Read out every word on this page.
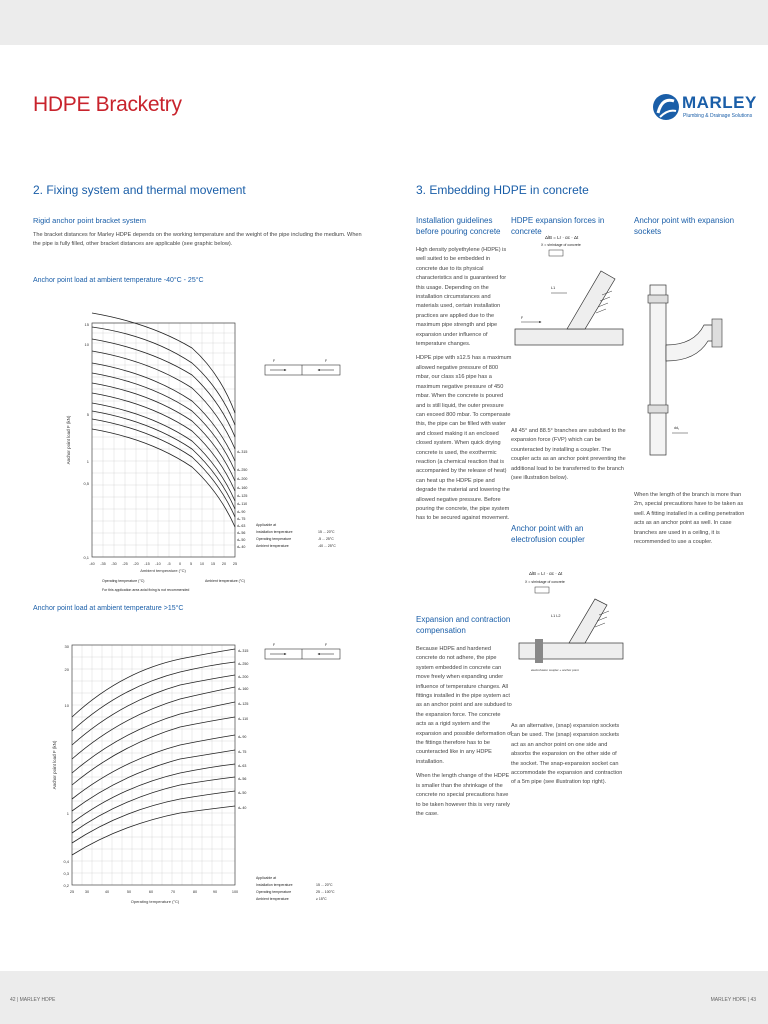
HDPE Bracketry	MARLEY
Plumbing & Drainage Solutions
2. Fixing system and thermal movement
Rigid anchor point bracket system
The bracket distances for Marley HDPE depends on the working temperature and the weight of the pipe including the medium. When the pipe is fully filled, other bracket distances are applicable (see graphic below).
Anchor point load at ambient temperature -40°C - 25°C
15
10
5
1
0,5
0,1
-40 -35 -30 -25 -20 -15 -10 -5 0 5 10 15 20 25
Ambient temperature (°C)
Anchor point load F (kN)	dₐ 315
dₐ 250
dₐ 200
dₐ 160
dₐ 125
dₐ 110
dₐ 90
dₐ 75
dₐ 63
dₐ 56
dₐ 50
dₐ 40
Applicable at
Installation temperature	15 ... 20°C
Operating temperature	-5 ... 25°C
Ambient temperature	-40 ... 25°C
F	F
Operating temperature (°C)	Ambient temperature (°C)
For this application area axial fixing is not recommended
Anchor point load at ambient temperature >15°C
30
20
10
1
0,4
0,3
0,2
25	30	40	50	60	70	80	90	100
Operating temperature (°C)
Anchor point load F (kN)
dₐ 315
dₐ 250
dₐ 200
dₐ 160
dₐ 125
dₐ 110
dₐ 90
dₐ 75
dₐ 63
dₐ 56
dₐ 50
dₐ 40
Applicable at
Installation temperature	15 ... 20°C
Operating temperature	25 ... 100°C
Ambient temperature	≥ 15°C
F	F
3. Embedding HDPE in concrete
Installation guidelines before pouring concrete

High density polyethylene (HDPE) is well suited to be embedded in concrete due to its physical characteristics and is guaranteed for this usage. Depending on the installation circumstances and materials used, certain installation practices are applied due to the maximum pipe strength and pipe expansion under influence of temperature changes.

HDPE pipe with s12.5 has a maximum allowed negative pressure of 800 mbar, our class s16 pipe has a maximum negative pressure of 450 mbar. When the concrete is poured and is still liquid, the outer pressure can exceed 800 mbar. To compensate this, the pipe can be filled with water and closed making it an enclosed closed system. When quick drying concrete is used, the exothermic reaction (a chemical reaction that is accompanied by the release of heat) can heat up the HDPE pipe and degrade the material and lowering the allowed negative pressure. Before pouring the concrete, the pipe system has to be secured against movement.

Expansion and contraction compensation

Because HDPE and hardened concrete do not adhere, the pipe system embedded in concrete can move freely when expanding under influence of temperature changes. All fittings installed in the pipe system act as an anchor point and are subdued to the expansion force. The concrete acts as a rigid system and the expansion and possible deformation of the fittings therefore has to be counteracted like in any HDPE installation.

When the length change of the HDPE is smaller than the shrinkage of the concrete no special precautions have to be taken however this is very rarely the case.

HDPE expansion forces in concrete
ΔlB = Lr · αc · Δt
X = shrinkage of concrete
L1
F
All 45° and 88.5° branches are subdued to the expansion force (FVP) which can be counteracted by installing a coupler. The coupler acts as an anchor point preventing the additional load to be transferred to the branch (see illustration below).
Anchor point with an electrofusion coupler
ΔlB = Lr · αc · Δt
X = shrinkage of concrete
L1 L2
electrofusion coupler + anchor point
As an alternative, (snap) expansion sockets can be used. The (snap) expansion sockets act as an anchor point on one side and absorbs the expansion on the other side of the socket. The snap-expansion socket can accommodate the expansion and contraction of a 5m pipe (see illustration top right).
Anchor point with expansion sockets
dd₁
When the length of the branch is more than 2m, special precautions have to be taken as well. A fitting installed in a ceiling penetration acts as an anchor point as well. In case branches are used in a ceiling, it is recommended to use a coupler.
42 | MARLEY HDPE	MARLEY HDPE | 43
